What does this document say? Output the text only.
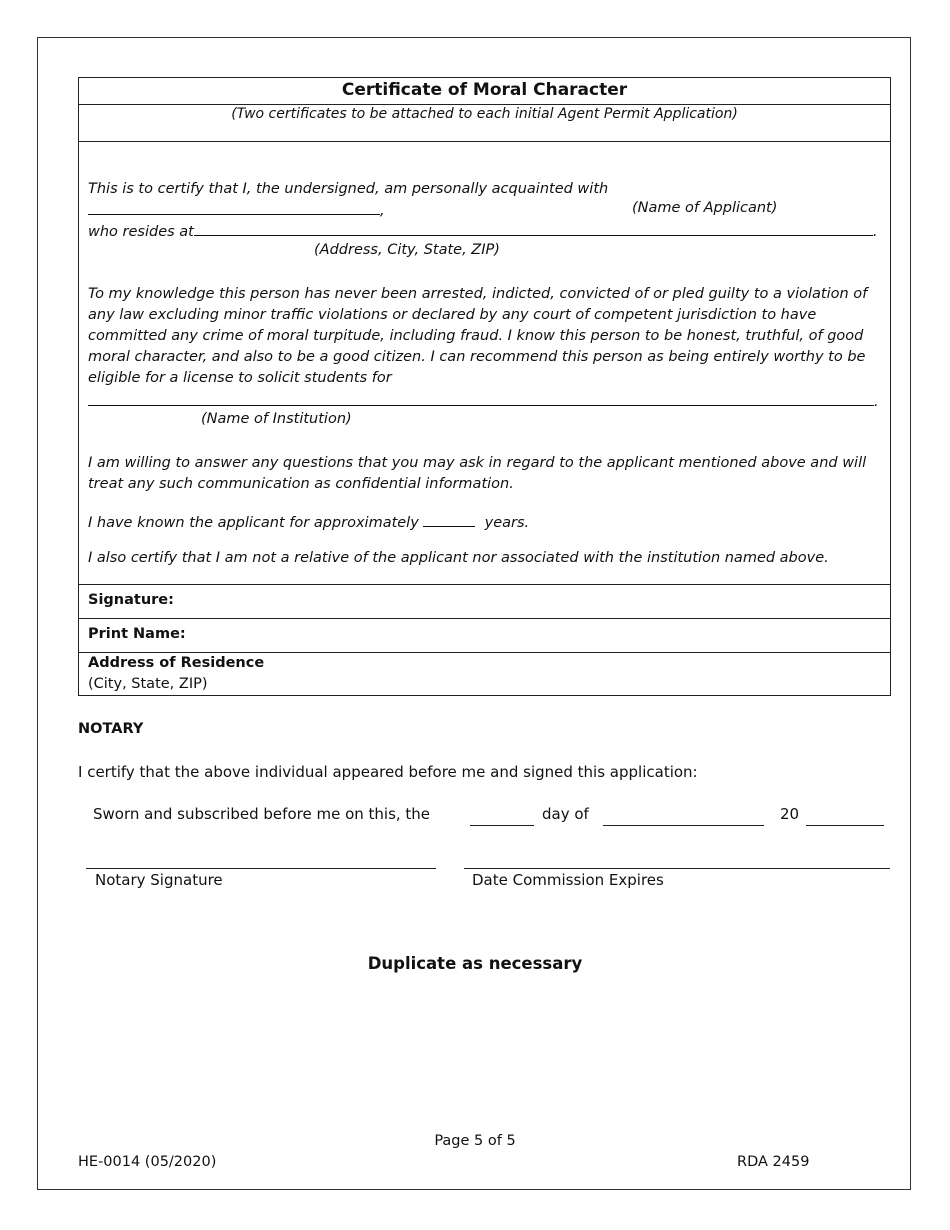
Certificate of Moral Character
(Two certificates to be attached to each initial Agent Permit Application)
This is to certify that I, the undersigned, am personally acquainted with ,	(Name of Applicant)
who resides at	.
(Address, City, State, ZIP)
To my knowledge this person has never been arrested, indicted, convicted of or pled guilty to a violation of any law excluding minor traffic violations or declared by any court of competent jurisdiction to have committed any crime of moral turpitude, including fraud. I know this person to be honest, truthful, of good moral character, and also to be a good citizen. I can recommend this person as being entirely worthy to be eligible for a license to solicit students for
.
(Name of Institution)
I am willing to answer any questions that you may ask in regard to the applicant mentioned above and will treat any such communication as confidential information.
I have known the applicant for approximately	years.
I also certify that I am not a relative of the applicant nor associated with the institution named above.
Signature:
Print Name:
Address of Residence
(City, State, ZIP)
NOTARY
I certify that the above individual appeared before me and signed this application:
Sworn and subscribed before me on this, the	day of	20
Notary Signature	Date Commission Expires
Duplicate as necessary
Page 5 of 5
HE-0014 (05/2020)	RDA 2459
